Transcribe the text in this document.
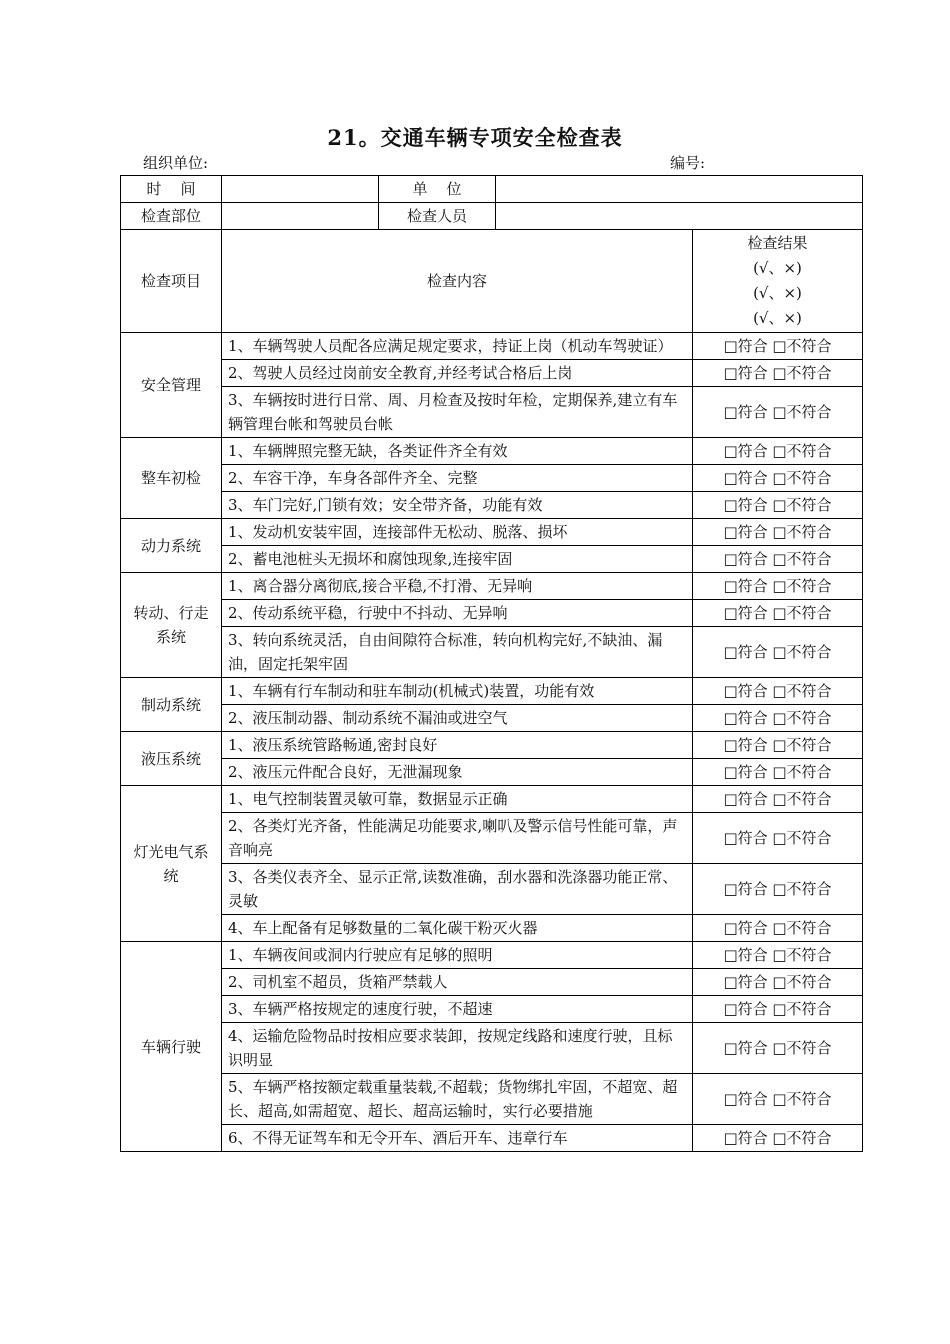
21。交通车辆专项安全检查表
组织单位:	编号:
时    间		单    位		
检查部位		检查人员		
检查项目	检查内容			检查结果
(√、×)
(√、×)
(√、×)

安全管理	1、车辆驾驶人员配各应满足规定要求，持证上岗（机动车驾驶证）			□符合 □不符合
	2、驾驶人员经过岗前安全教育,并经考试合格后上岗			□符合 □不符合
	3、车辆按时进行日常、周、月检查及按时年检，定期保养,建立有车辆管理台帐和驾驶员台帐			□符合 □不符合
整车初检	1、车辆牌照完整无缺，各类证件齐全有效			□符合 □不符合
	2、车容干净，车身各部件齐全、完整			□符合 □不符合
	3、车门完好,门锁有效；安全带齐备，功能有效			□符合 □不符合
动力系统	1、发动机安装牢固，连接部件无松动、脱落、损坏			□符合 □不符合
	2、蓄电池桩头无损坏和腐蚀现象,连接牢固			□符合 □不符合
转动、行走系统	1、离合器分离彻底,接合平稳,不打滑、无异响			□符合 □不符合
	2、传动系统平稳，行驶中不抖动、无异响			□符合 □不符合
	3、转向系统灵活，自由间隙符合标准，转向机构完好,不缺油、漏油，固定托架牢固			□符合 □不符合
制动系统	1、车辆有行车制动和驻车制动(机械式)装置，功能有效			□符合 □不符合
	2、液压制动器、制动系统不漏油或进空气			□符合 □不符合
液压系统	1、液压系统管路畅通,密封良好			□符合 □不符合
	2、液压元件配合良好，无泄漏现象			□符合 □不符合
灯光电气系统	1、电气控制装置灵敏可靠，数据显示正确			□符合 □不符合
	2、各类灯光齐备，性能满足功能要求,喇叭及警示信号性能可靠，声音响亮			□符合 □不符合
	3、各类仪表齐全、显示正常,读数准确，刮水器和洗涤器功能正常、灵敏			□符合 □不符合
	4、车上配备有足够数量的二氧化碳干粉灭火器			□符合 □不符合
车辆行驶	1、车辆夜间或洞内行驶应有足够的照明			□符合 □不符合
	2、司机室不超员，货箱严禁载人			□符合 □不符合
	3、车辆严格按规定的速度行驶，不超速			□符合 □不符合
	4、运输危险物品时按相应要求装卸，按规定线路和速度行驶，且标识明显			□符合 □不符合
	5、车辆严格按额定载重量装载,不超载；货物绑扎牢固，不超宽、超长、超高,如需超宽、超长、超高运输时，实行必要措施			□符合 □不符合
	6、不得无证驾车和无令开车、酒后开车、违章行车			□符合 □不符合
